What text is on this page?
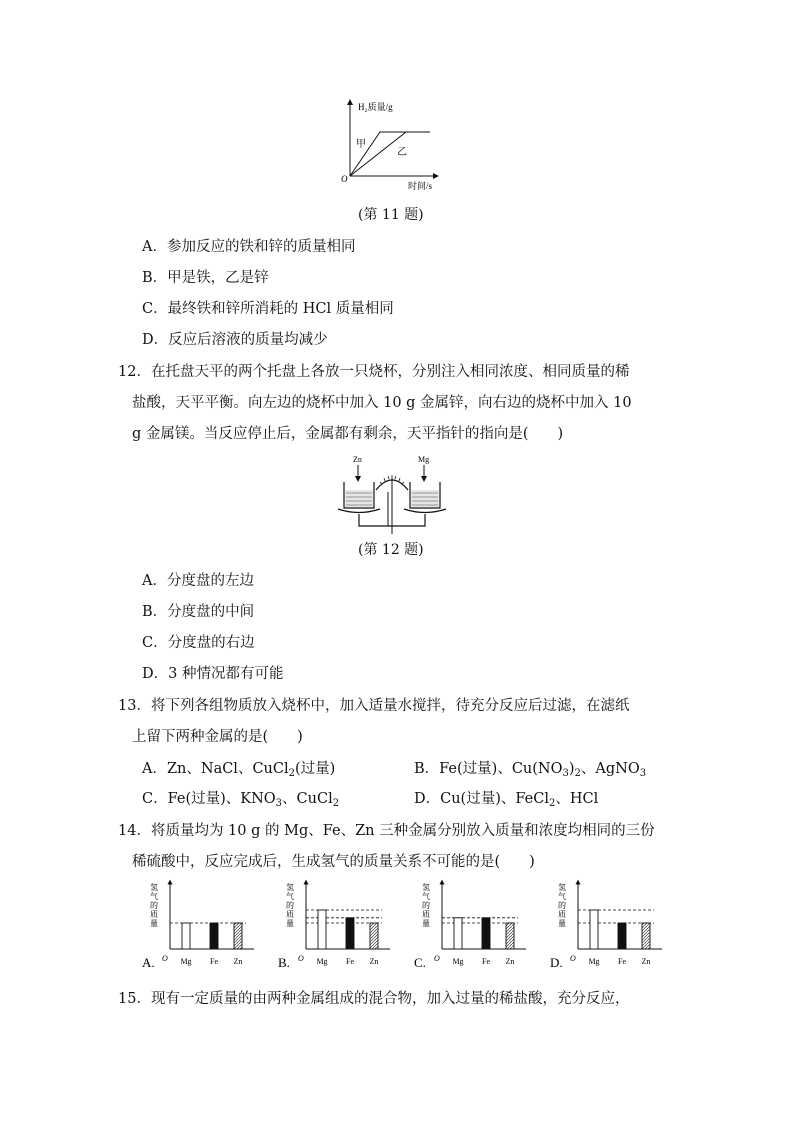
H₂质量/g
时间/s
O
甲
乙
(第 11 题)
A．参加反应的铁和锌的质量相同
B．甲是铁，乙是锌
C．最终铁和锌所消耗的 HCl 质量相同
D．反应后溶液的质量均减少
12．在托盘天平的两个托盘上各放一只烧杯，分别注入相同浓度、相同质量的稀
盐酸，天平平衡。向左边的烧杯中加入 10 g 金属锌，向右边的烧杯中加入 10
g 金属镁。当反应停止后，金属都有剩余，天平指针的指向是(　　)
Zn	Mg
(第 12 题)
A．分度盘的左边
B．分度盘的中间
C．分度盘的右边
D．3 种情况都有可能
13．将下列各组物质放入烧杯中，加入适量水搅拌，待充分反应后过滤，在滤纸
上留下两种金属的是(　　)
A．Zn、NaCl、CuCl$_2$(过量)	B．Fe(过量)、$Cu(NO_3)_2$、AgNO$_3$
C．Fe(过量)、$KNO_3$、CuCl$_2$	D．Cu(过量)、FeCl$_2$、HCl
14．将质量均为 10 g 的 Mg、Fe、Zn 三种金属分别放入质量和浓度均相同的三份
稀硫酸中，反应完成后，生成氢气的质量关系不可能的是(　　)
氢
气
的
质
量
Mg Fe Zn
O
A.
氢
气
的
质
量
Mg Fe Zn
O
B.
氢
气
的
质
量
Mg Fe Zn
O
C.
氢
气
的
质
量
Mg Fe Zn
O
D.
15．现有一定质量的由两种金属组成的混合物，加入过量的稀盐酸，充分反应，
